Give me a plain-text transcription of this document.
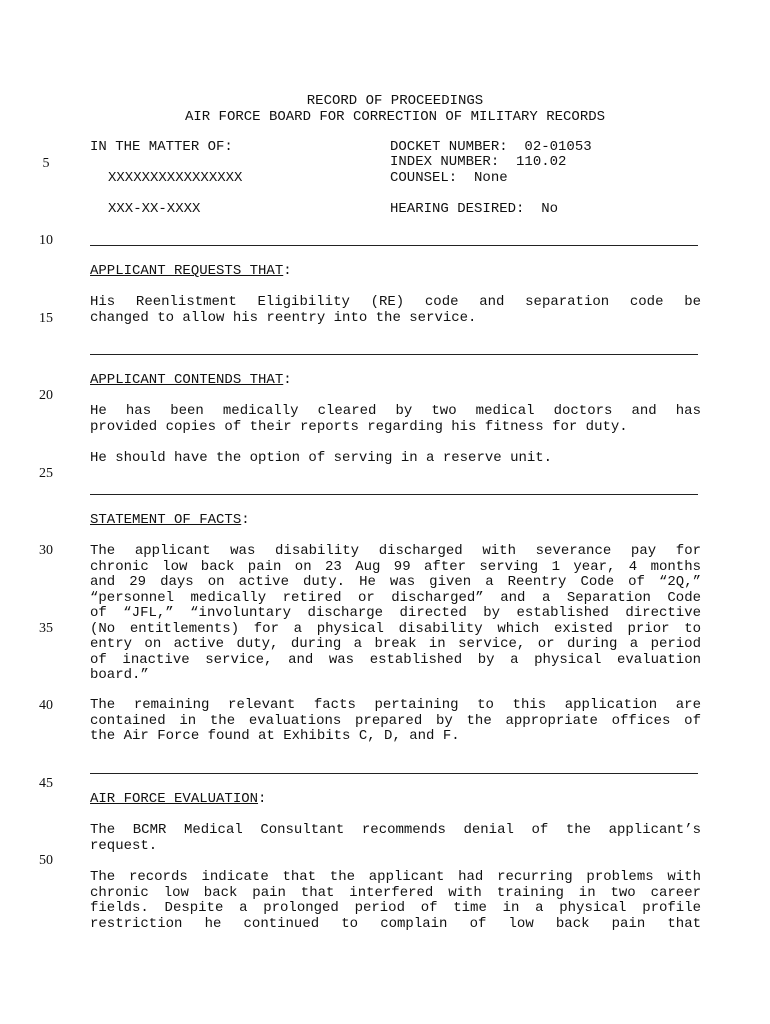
RECORD OF PROCEEDINGS
AIR FORCE BOARD FOR CORRECTION OF MILITARY RECORDS
5
10
15
20
25
30
35
40
45
50
IN THE MATTER OF:
XXXXXXXXXXXXXXXX
XXX-XX-XXXX
DOCKET NUMBER:  02-01053
INDEX NUMBER:  110.02
COUNSEL:  None
HEARING DESIRED:  No
APPLICANT REQUESTS THAT:
His Reenlistment Eligibility (RE) code and separation code be
changed to allow his reentry into the service.
APPLICANT CONTENDS THAT:
He has been medically cleared by two medical doctors and has
provided copies of their reports regarding his fitness for duty.
He should have the option of serving in a reserve unit.
STATEMENT OF FACTS:
The applicant was disability discharged with severance pay for
chronic low back pain on 23 Aug 99 after serving 1 year, 4 months
and 29 days on active duty. He was given a Reentry Code of “2Q,”
“personnel medically retired or discharged” and a Separation Code
of “JFL,” “involuntary discharge directed by established directive
(No entitlements) for a physical disability which existed prior to
entry on active duty, during a break in service, or during a period
of inactive service, and was established by a physical evaluation
board.”
The remaining relevant facts pertaining to this application are
contained in the evaluations prepared by the appropriate offices of
the Air Force found at Exhibits C, D, and F.
AIR FORCE EVALUATION:
The BCMR Medical Consultant recommends denial of the applicant’s
request.
The records indicate that the applicant had recurring problems with
chronic low back pain that interfered with training in two career
fields. Despite a prolonged period of time in a physical profile
restriction he continued to complain of low back pain that
